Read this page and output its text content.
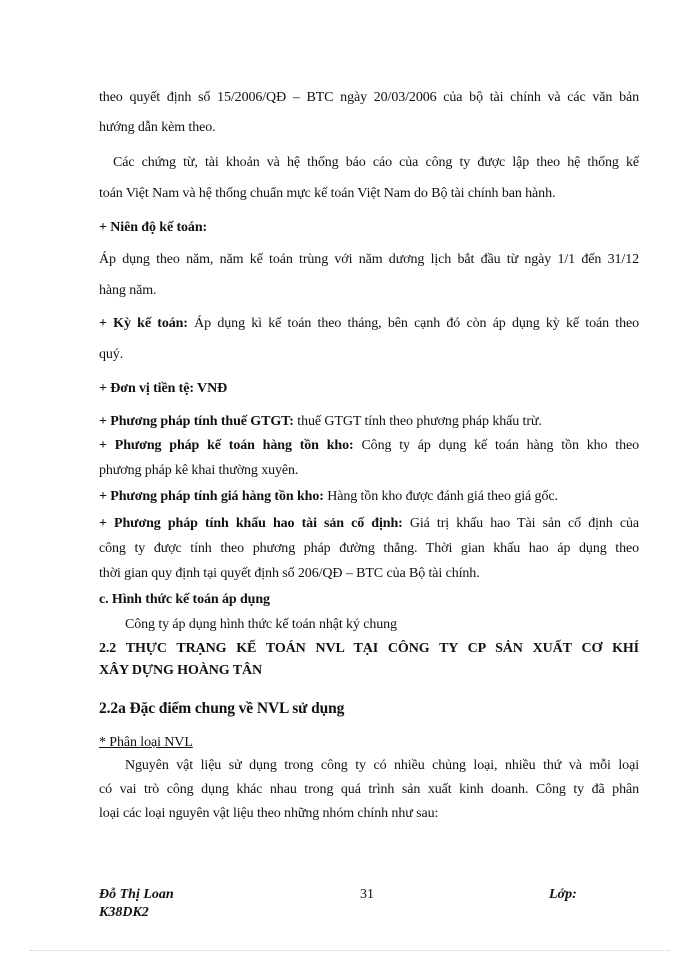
theo quyết định số 15/2006/QĐ – BTC ngày 20/03/2006 của bộ tài chính và các văn bản
hướng dẫn kèm theo.
Các chứng từ, tài khoản và hệ thống báo cáo của công ty được lập theo hệ thống kế
toán Việt Nam và hệ thống chuẩn mực kế toán Việt Nam do Bộ tài chính ban hành.
+ Niên độ kế toán:
Áp dụng theo năm, năm kế toán trùng với năm dương lịch bắt đầu từ ngày 1/1 đến 31/12
hàng năm.
+ Kỳ kế toán: Áp dụng kì kế toán theo tháng, bên cạnh đó còn áp dụng kỳ kế toán theo
quý.
+ Đơn vị tiền tệ: VNĐ
+ Phương pháp tính thuế GTGT: thuế GTGT tính theo phương pháp khấu trừ.
+ Phương pháp kế toán hàng tồn kho: Công ty áp dụng kế toán hàng tồn kho theo
phương pháp kê khai thường xuyên.
+ Phương pháp tính giá hàng tồn kho: Hàng tồn kho được đánh giá theo giá gốc.
+ Phương pháp tính khấu hao tài sản cố định: Giá trị khấu hao Tài sản cố định của
công ty được tính theo phương pháp đường thẳng. Thời gian khấu hao áp dụng theo
thời gian quy định tại quyết định số 206/QĐ – BTC của Bộ tài chính.
c. Hình thức kế toán áp dụng
Công ty áp dụng hình thức kế toán nhật ký chung
2.2 THỰC TRẠNG KẾ TOÁN NVL TẠI CÔNG TY CP SẢN XUẤT CƠ KHÍ
XÂY DỰNG HOÀNG TÂN
2.2a Đặc điểm chung về NVL sử dụng
* Phân loại NVL
Nguyên vật liệu sử dụng trong công ty có nhiều chủng loại, nhiều thứ và mỗi loại
có vai trò công dụng khác nhau trong quá trình sản xuất kinh doanh. Công ty đã phân
loại các loại nguyên vật liệu theo những nhóm chính như sau:
Đỗ Thị Loan
K38DK2
31	Lớp:
